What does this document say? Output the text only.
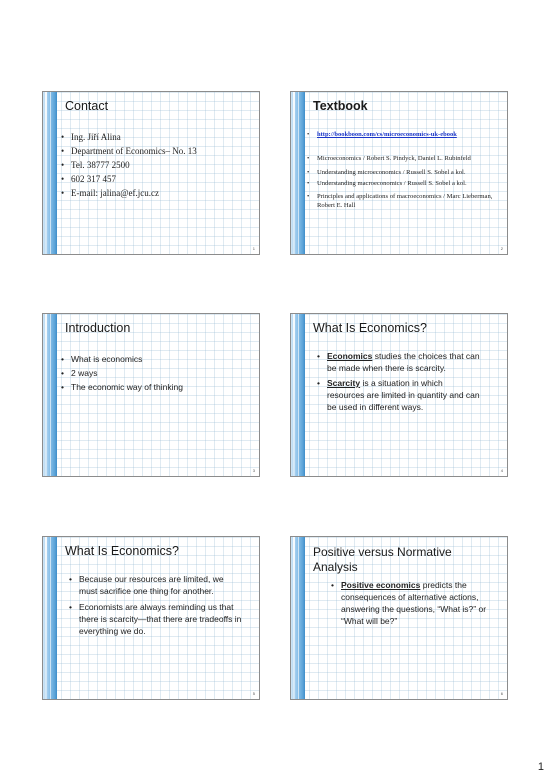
Contact
• Ing. Jiří Alina
• Department of Economics– No. 13
• Tel. 38777 2500
• 602 317 457
• E-mail: jalina@ef.jcu.cz
1
Textbook
• http://bookboon.com/cs/microeconomics-uk-ebook
• Microeconomics / Robert S. Pindyck, Daniel L. Rubinfeld
• Understanding microeconomics / Russell S. Sobel a kol.
• Understanding macroeconomics / Russell S. Sobel a kol.
• Principles and applications of macroeconomics / Marc Lieberman, Robert E. Hall
2
Introduction
• What is economics
• 2 ways
• The economic way of thinking
3
What Is Economics?
• Economics studies the choices that can be made when there is scarcity.
• Scarcity is a situation in which resources are limited in quantity and can be used in different ways.
4
What Is Economics?
• Because our resources are limited, we must sacrifice one thing for another.
• Economists are always reminding us that there is scarcity—that there are tradeoffs in everything we do.
5
Positive versus Normative Analysis
• Positive economics predicts the consequences of alternative actions, answering the questions, “What is?” or “What will be?”
6
1
